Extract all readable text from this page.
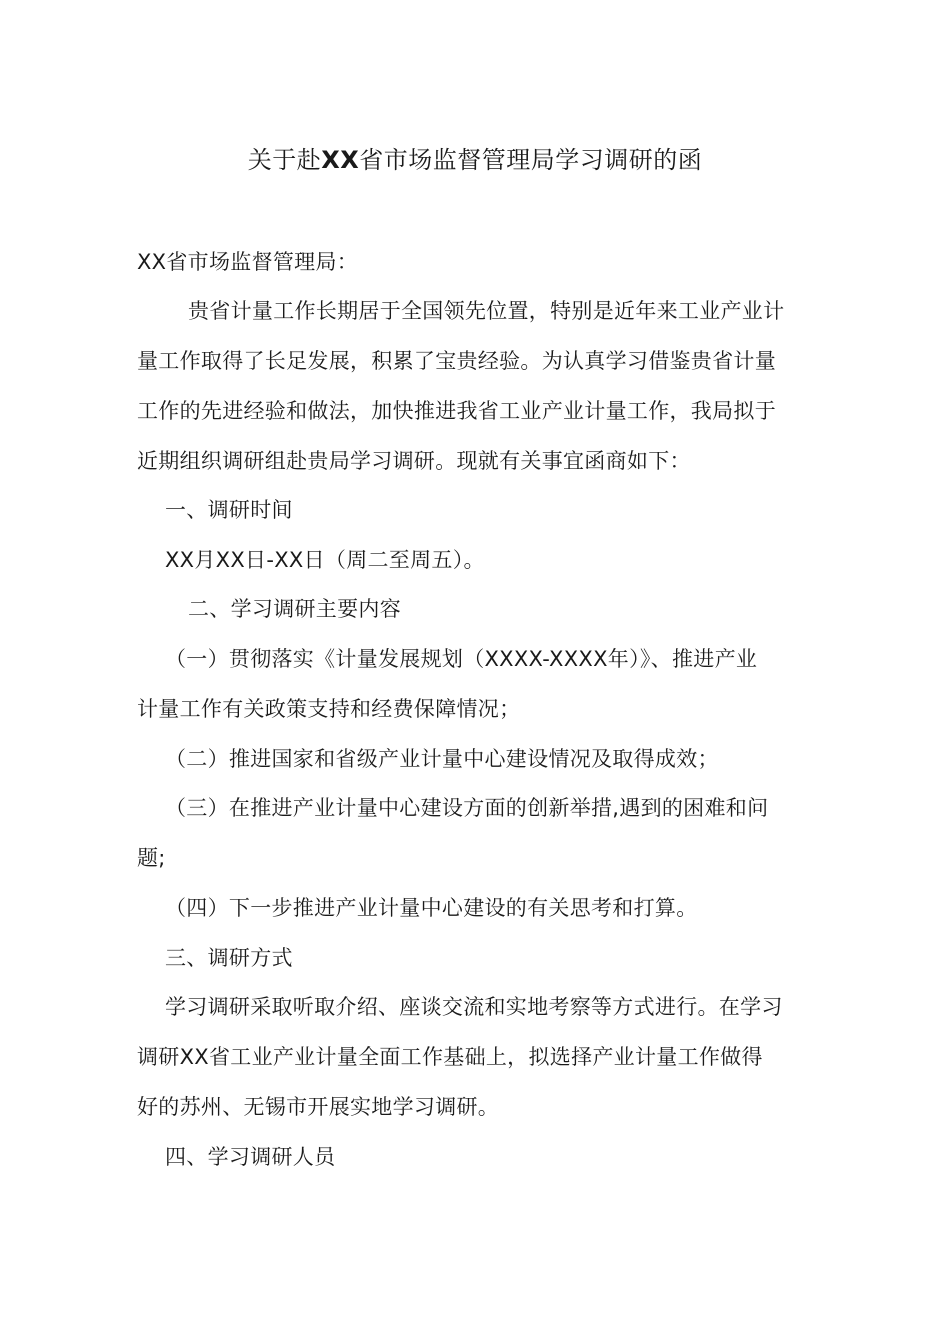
关于赴XX省市场监督管理局学习调研的函
XX省市场监督管理局：
贵省计量工作长期居于全国领先位置，特别是近年来工业产业计
量工作取得了长足发展，积累了宝贵经验。为认真学习借鉴贵省计量
工作的先进经验和做法，加快推进我省工业产业计量工作，我局拟于
近期组织调研组赴贵局学习调研。现就有关事宜函商如下：
一、调研时间
XX月XX日-XX日（周二至周五）。
二、学习调研主要内容
（一）贯彻落实《计量发展规划（XXXX-XXXX年）》、推进产业
计量工作有关政策支持和经费保障情况；
（二）推进国家和省级产业计量中心建设情况及取得成效；
（三）在推进产业计量中心建设方面的创新举措,遇到的困难和问
题;
（四）下一步推进产业计量中心建设的有关思考和打算。
三、调研方式
学习调研采取听取介绍、座谈交流和实地考察等方式进行。在学习
调研XX省工业产业计量全面工作基础上，拟选择产业计量工作做得
好的苏州、无锡市开展实地学习调研。
四、学习调研人员
